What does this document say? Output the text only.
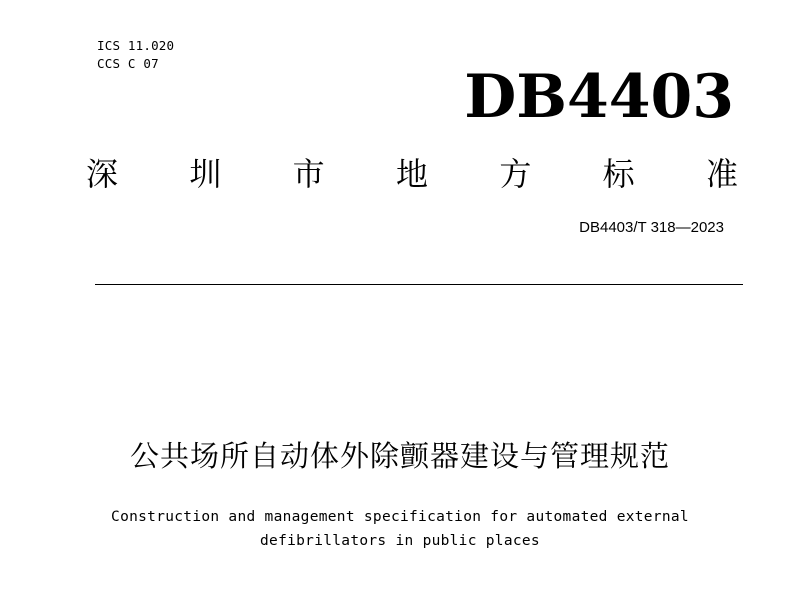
ICS 11.020
CCS C 07	DB4403
深 圳 市 地 方 标 准
DB4403/T 318—2023
公共场所自动体外除颤器建设与管理规范
Construction and management specification for automated external
defibrillators in public places
